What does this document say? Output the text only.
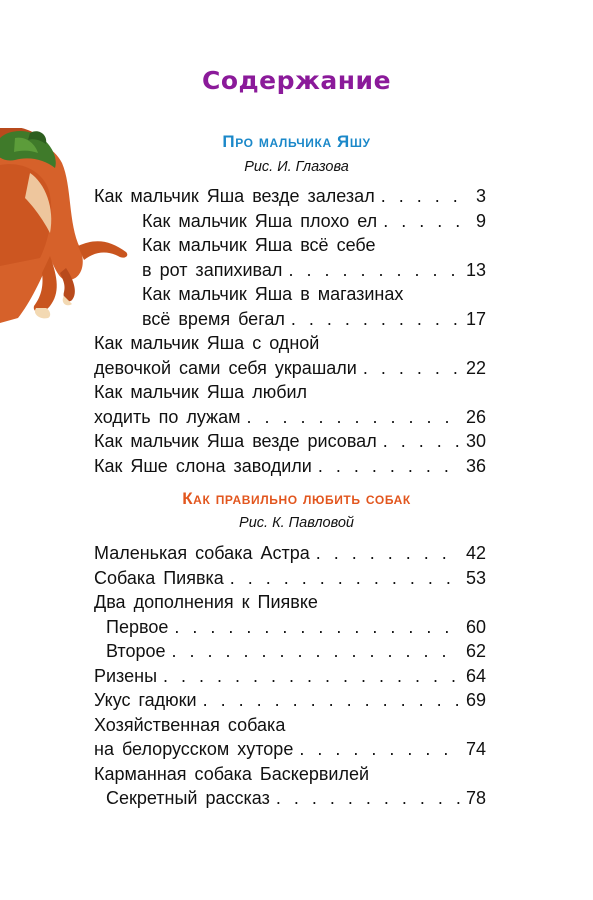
Содержание
Про мальчика Яшу
Рис. И. Глазова
Как мальчик Яша везде залезал . . .	3
Как мальчик Яша плохо ел . . .	9
Как мальчик Яша всё себе
в рот запихивал . . .	13
Как мальчик Яша в магазинах
всё время бегал . . .	17
Как мальчик Яша с одной
девочкой сами себя украшали . . .	22
Как мальчик Яша любил
ходить по лужам . . .	26
Как мальчик Яша везде рисовал . . .	30
Как Яше слона заводили . . .	36
Как правильно любить собак
Рис. К. Павловой
Маленькая собака Астра . . .	42
Собака Пиявка . . .	53
Два дополнения к Пиявке
Первое . . .	60
Второе . . .	62
Ризены . . .	64
Укус гадюки . . .	69
Хозяйственная собака
на белорусском хуторе . . .	74
Карманная собака Баскервилей
Секретный рассказ . . .	78
